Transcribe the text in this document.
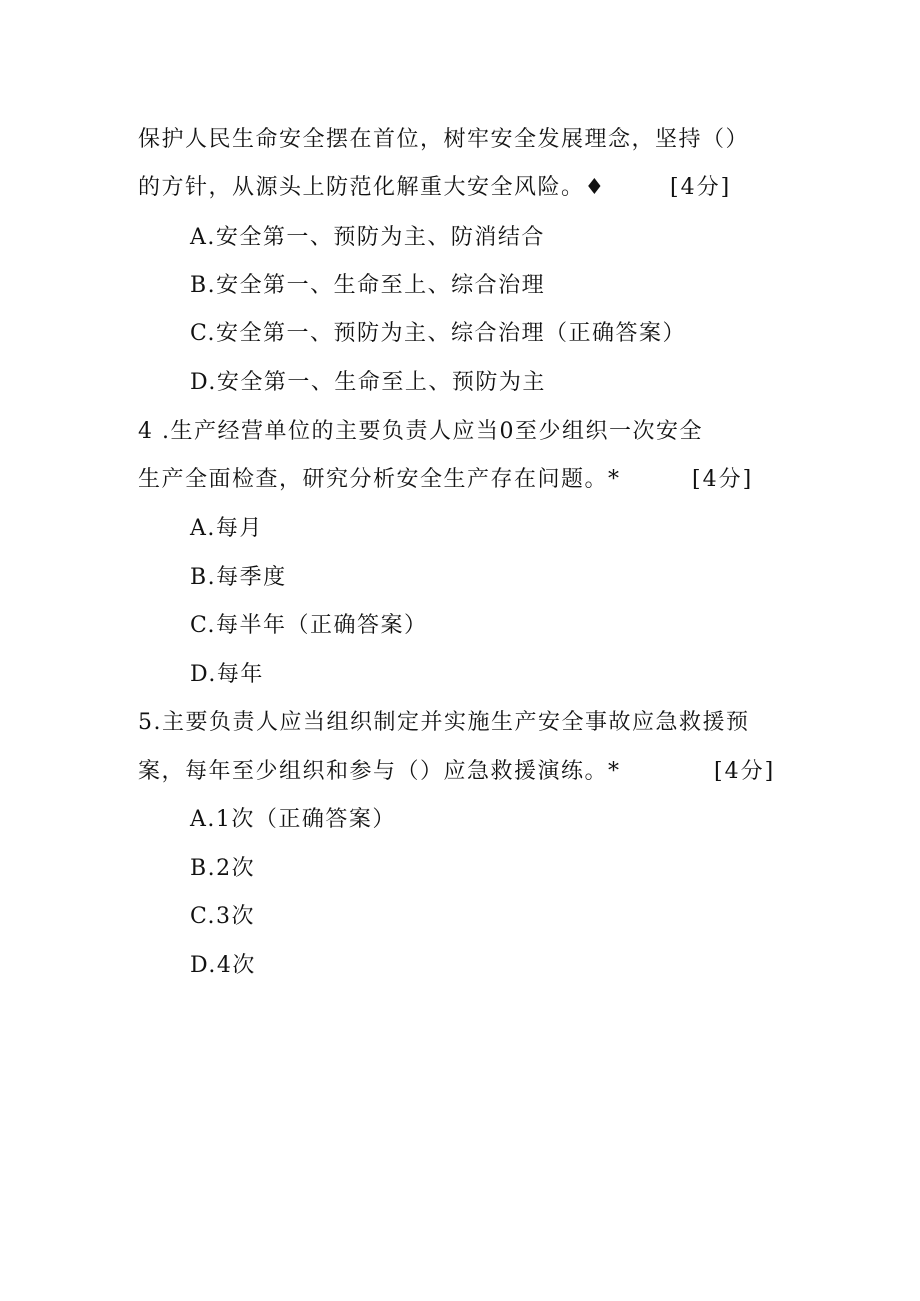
保护人民生命安全摆在首位，树牢安全发展理念，坚持（）
的方针，从源头上防范化解重大安全风险。♦	[4分]
A.安全第一、预防为主、防消结合
B.安全第一、生命至上、综合治理
C.安全第一、预防为主、综合治理（正确答案）
D.安全第一、生命至上、预防为主
4 .生产经营单位的主要负责人应当0至少组织一次安全
生产全面检查，研究分析安全生产存在问题。*	[4分]
A.每月
B.每季度
C.每半年（正确答案）
D.每年
5.主要负责人应当组织制定并实施生产安全事故应急救援预
案，每年至少组织和参与（）应急救援演练。*	[4分]
A.1次（正确答案）
B.2次
C.3次
D.4次
